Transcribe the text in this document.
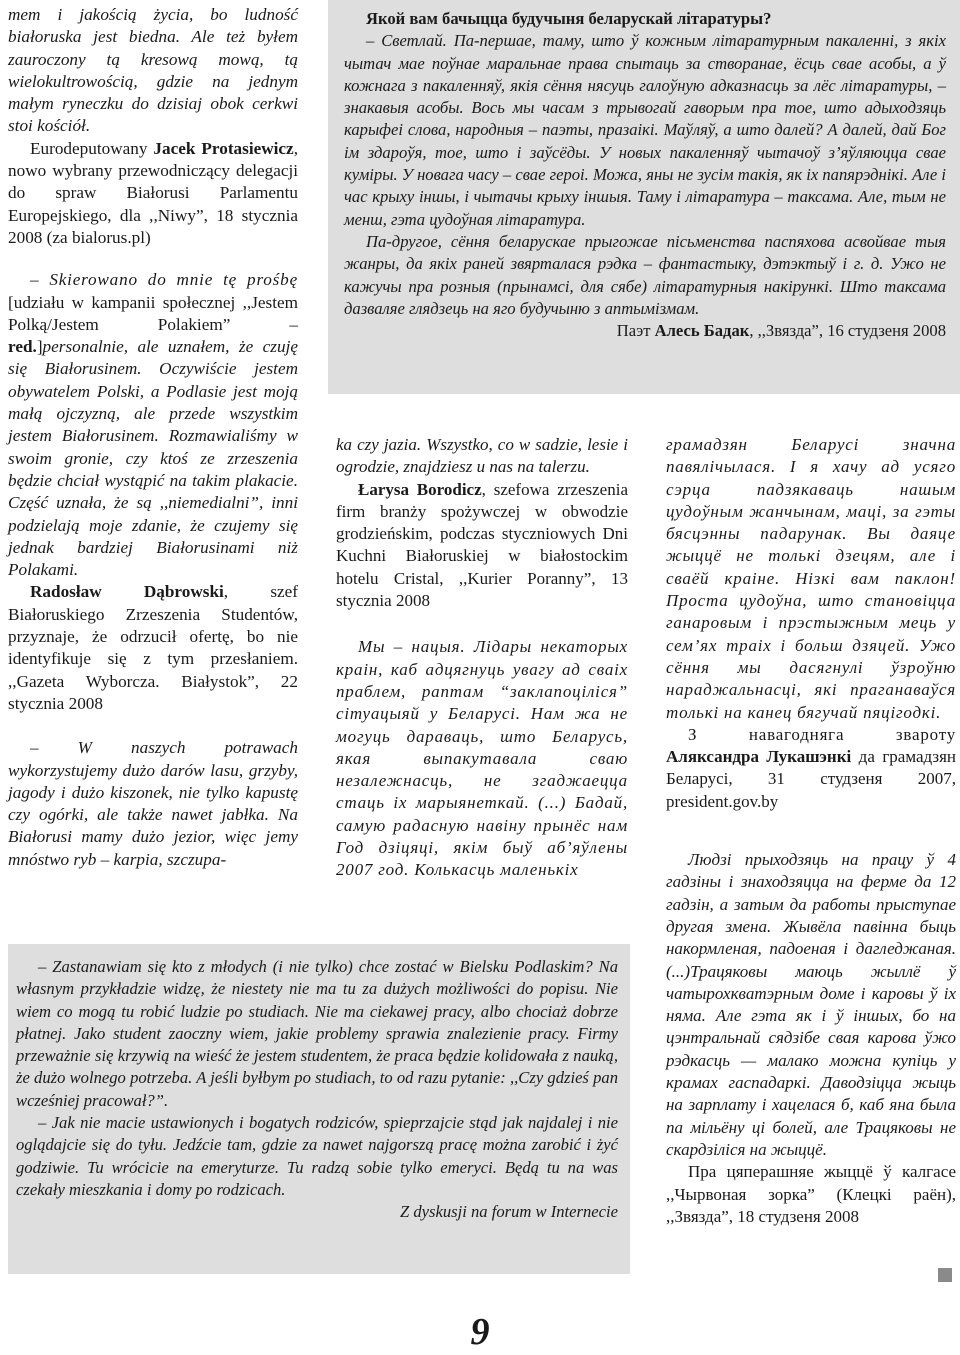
mem i jakością życia, bo ludność białoruska jest biedna. Ale też byłem zauroczony tą kresową mową, tą wielokultrowością, gdzie na jednym małym ryneczku do dzisiaj obok cerkwi stoi kościół.

Eurodeputowany Jacek Protasiewicz, nowo wybrany przewodniczący delegacji do spraw Białorusi Parlamentu Europejskiego, dla ,,Niwy”, 18 stycznia 2008 (za bialorus.pl)

– Skierowano do mnie tę prośbę [udziału w kampanii społecznej ,,Jestem Polką/Jestem Polakiem” – red.]personalnie, ale uznałem, że czuję się Białorusinem. Oczywiście jestem obywatelem Polski, a Podlasie jest moją małą ojczyzną, ale przede wszystkim jestem Białorusinem. Rozmawialiśmy w swoim gronie, czy ktoś ze zrzeszenia będzie chciał wystąpić na takim plakacie. Część uznała, że są ,,niemedialni”, inni podzielają moje zdanie, że czujemy się jednak bardziej Białorusinami niż Polakami.

Radosław Dąbrowski, szef Białoruskiego Zrzeszenia Studentów, przyznaje, że odrzucił ofertę, bo nie identyfikuje się z tym przesłaniem. ,,Gazeta Wyborcza. Białystok”, 22 stycznia 2008

– W naszych potrawach wykorzystujemy dużo darów lasu, grzyby, jagody i dużo kiszonek, nie tylko kapustę czy ogórki, ale także nawet jabłka. Na Białorusi mamy dużo jezior, więc jemy mnóstwo ryb – karpia, szczupa-

Якой вам бачыцца будучыня беларускай літаратуры?

– Светлай. Па-першае, таму, што ў кожным літаратурным пакаленні, з якіх чытач мае поўнае маральнае права спытаць за створанае, ёсць свае асобы, а ў кожнага з пакаленняў, якія сёння нясуць галоўную адказнасць за лёс літаратуры, – знакавыя асобы. Вось мы часам з трывогай гаворым пра тое, што адыходзяць карыфеі слова, народныя – паэты, празаікі. Маўляў, а што далей? А далей, дай Бог ім здароўя, тое, што і заўсёды. У новых пакаленняў чытачоў з’яўляюцца свае куміры. У новага часу – свае героі. Можа, яны не зусім такія, як іх папярэднікі. Але і час крыху іншы, і чытачы крыху іншыя. Таму і літаратура – таксама. Але, тым не менш, гэта цудоўная літаратура.

Па-другое, сёння беларускае прыгожае пісьменства паспяхова асвойвае тыя жанры, да якіх раней звярталася рэдка – фантастыку, дэтэктыў і г. д. Ужо не кажучы пра розныя (прынамсі, для сябе) літаратурныя накірункі. Што таксама дазваляе глядзець на яго будучыню з аптымізмам.

Паэт Алесь Бадак, ,,Звязда”, 16 студзеня 2008

ka czy jazia. Wszystko, co w sadzie, lesie i ogrodzie, znajdziesz u nas na talerzu.

Łarysa Borodicz, szefowa zrzeszenia firm branży spożywczej w obwodzie grodzieńskim, podczas styczniowych Dni Kuchni Białoruskiej w białostockim hotelu Cristal, ,,Kurier Poranny”, 13 stycznia 2008

Мы – нацыя. Лідары некаторых краін, каб адцягнуць увагу ад сваіх праблем, раптам “заклапоціліся” сітуацыяй у Беларусі. Нам жа не могуць дараваць, што Беларусь, якая выпакутавала сваю незалежнасць, не згаджаецца стаць іх марыянеткай. (...) Бадай, самую радасную навіну прынёс нам Год дзіцяці, якім быў аб’яўлены 2007 год. Колькасць маленькіх

грамадзян Беларусі значна павялічылася. І я хачу ад усяго сэрца падзякаваць нашым цудоўным жанчынам, маці, за гэты бясцэнны падарунак. Вы даяце жыццё не толькі дзецям, але і сваёй краіне. Нізкі вам паклон! Проста цудоўна, што становіцца ганаровым і прэстыжным мець у сем’ях траіх і больш дзяцей. Ужо сёння мы дасягнулі ўзроўню нараджальнасці, які праганаваўся толькі на канец бягучай пяцігодкі.

З навагодняга звароту Аляксандра Лукашэнкі да грамадзян Беларусі, 31 студзеня 2007, president.gov.by

Людзі прыходзяць на працу ў 4 гадзіны і знаходзяцца на ферме да 12 гадзін, а затым да работы прыступае другая змена. Жывёла павінна быць накормленая, падоеная і дагледжаная. (...)Трацяковы маюць жыллё ў чатырохкватэрным доме і каровы ў іх няма. Але гэта як і ў іншых, бо на цэнтральнай сядзібе свая карова ўжо рэдкасць — малако можна купіць у крамах гаспадаркі. Даводзіцца жыць на зарплату і хацелася б, каб яна была па мільёну ці болей, але Трацяковы не скардзіліся на жыццё.

Пра цяперашняе жыццё ў калгасе ,,Чырвоная зорка” (Клецкі раён), ,,Звязда”, 18 студзеня 2008

– Zastanawiam się kto z młodych (i nie tylko) chce zostać w Bielsku Podlaskim? Na własnym przykładzie widzę, że niestety nie ma tu za dużych możliwości do popisu. Nie wiem co mogą tu robić ludzie po studiach. Nie ma ciekawej pracy, albo chociaż dobrze płatnej. Jako student zaoczny wiem, jakie problemy sprawia znalezienie pracy. Firmy przeważnie się krzywią na wieść że jestem studentem, że praca będzie kolidowała z nauką, że dużo wolnego potrzeba. A jeśli byłbym po studiach, to od razu pytanie: ,,Czy gdzieś pan wcześniej pracował?”.

– Jak nie macie ustawionych i bogatych rodziców, spieprzajcie stąd jak najdalej i nie oglądajcie się do tyłu. Jedźcie tam, gdzie za nawet najgorszą pracę można zarobić i żyć godziwie. Tu wrócicie na emeryturze. Tu radzą sobie tylko emeryci. Będą tu na was czekały mieszkania i domy po rodzicach.

Z dyskusji na forum w Internecie

9
